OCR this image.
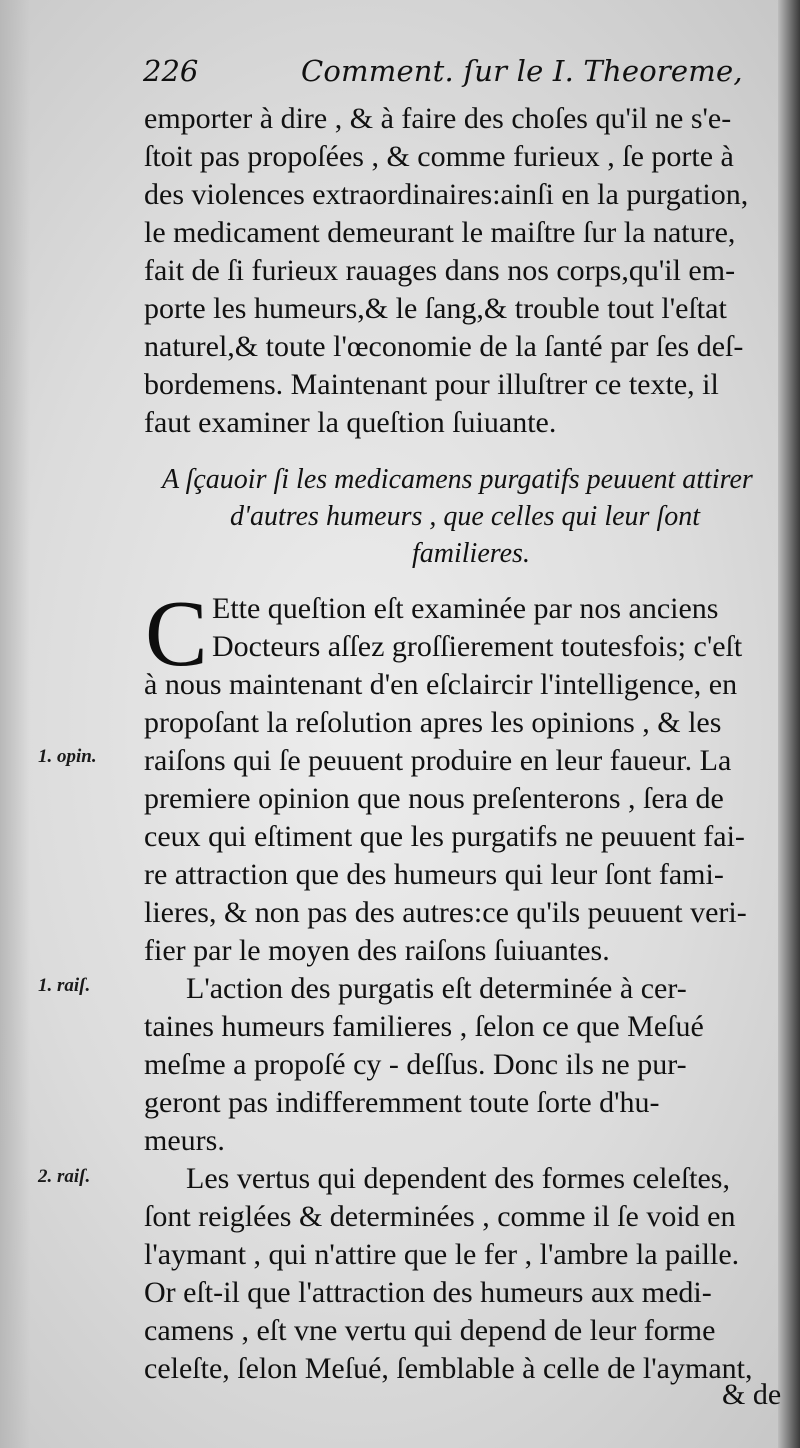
226	Comment. ſur le I. Theoreme,
emporter à dire , & à faire des choſes qu'il ne s'e-
ſtoit pas propoſées , & comme furieux , ſe porte à
des violences extraordinaires:ainſi en la purgation,
le medicament demeurant le maiſtre ſur la nature,
fait de ſi furieux rauages dans nos corps,qu'il em-
porte les humeurs,& le ſang,& trouble tout l'eſtat
naturel,& toute l'œconomie de la ſanté par ſes deſ-
bordemens. Maintenant pour illuſtrer ce texte, il
faut examiner la queſtion ſuiuante.
A ſçauoir ſi les medicamens purgatifs peuuent attirer
d'autres humeurs , que celles qui leur ſont
familieres.
C Ette queſtion eſt examinée par nos anciens
Docteurs aſſez groſſierement toutesfois; c'eſt
à nous maintenant d'en eſclaircir l'intelligence, en
propoſant la reſolution apres les opinions , & les
raiſons qui ſe peuuent produire en leur faueur. La
premiere opinion que nous preſenterons , ſera de
ceux qui eſtiment que les purgatifs ne peuuent fai-
re attraction que des humeurs qui leur ſont fami-
lieres, & non pas des autres:ce qu'ils peuuent veri-
fier par le moyen des raiſons ſuiuantes.
L'action des purgatis eſt determinée à cer-
taines humeurs familieres , ſelon ce que Meſué
meſme a propoſé cy - deſſus. Donc ils ne pur-
geront pas indifferemment toute ſorte d'hu-
meurs.
Les vertus qui dependent des formes celeſtes,
ſont reiglées & determinées , comme il ſe void en
l'aymant , qui n'attire que le fer , l'ambre la paille.
Or eſt-il que l'attraction des humeurs aux medi-
camens , eſt vne vertu qui depend de leur forme
celeſte, ſelon Meſué, ſemblable à celle de l'aymant,
& de
1. opin.
1. raiſ.
2. raiſ.
